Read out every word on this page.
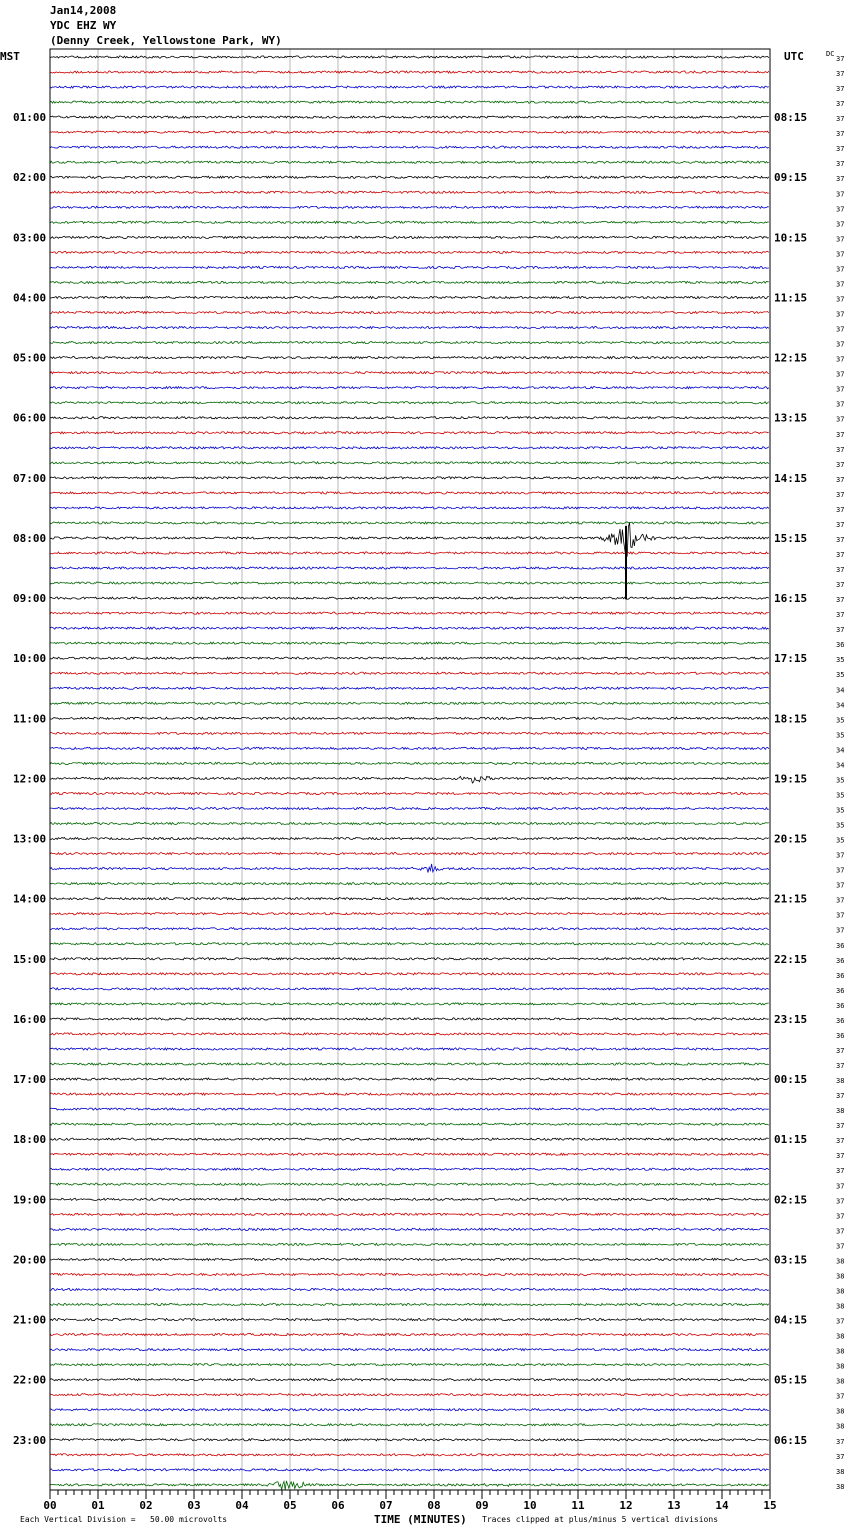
Jan14,2008
YDC EHZ WY
(Denny Creek, Yellowstone Park, WY)
01:00
02:00
03:00
04:00
05:00
06:00
07:00
08:00
09:00
10:00
11:00
12:00
13:00
14:00
15:00
16:00
17:00
18:00
19:00
20:00
21:00
22:00
23:00
08:15
09:15
10:15
11:15
12:15
13:15
14:15
15:15
16:15
17:15
18:15
19:15
20:15
21:15
22:15
23:15
00:15
01:15
02:15
03:15
04:15
05:15
06:15
37
37
37
37
37
37
37
37
37
37
37
37
37
37
37
37
37
37
37
37
37
37
37
37
37
37
37
37
37
37
37
37
37
37
37
37
37
37
37
36
35
35
34
34
35
35
34
34
35
35
35
35
35
37
37
37
37
37
37
36
36
36
36
36
36
36
37
37
38
37
38
37
37
37
37
37
37
37
37
37
38
38
38
38
37
38
38
38
38
37
38
38
37
37
38
38
00	01	02	03	04	05	06	07	08	09	10	11	12	13	14	15
MST	UTC	DC
TIME (MINUTES)
Each Vertical Division =   50.00 microvolts	Traces clipped at plus/minus 5 vertical divisions
